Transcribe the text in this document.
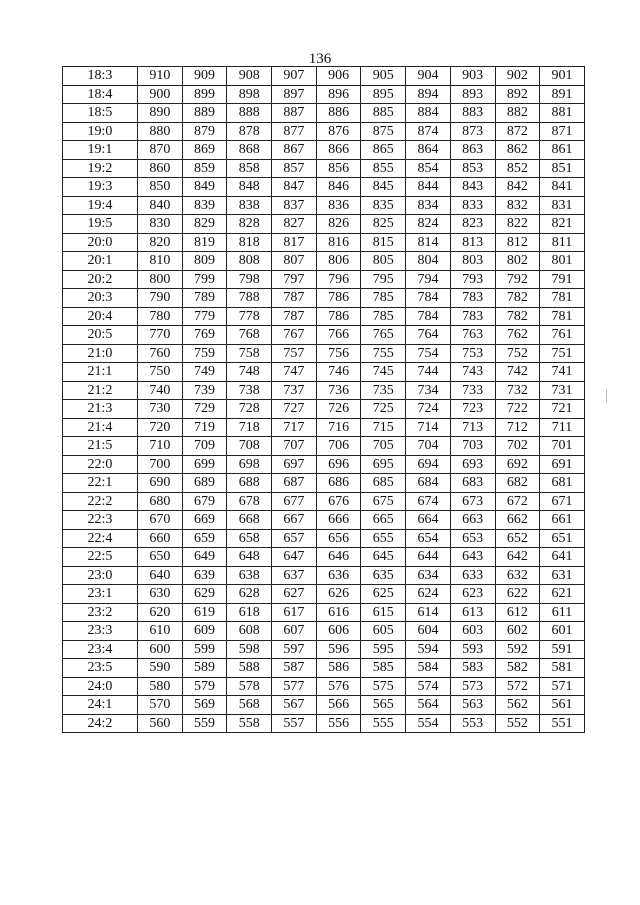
136
18:3	910	909	908	907	906	905	904	903	902	901
18:4	900	899	898	897	896	895	894	893	892	891
18:5	890	889	888	887	886	885	884	883	882	881
19:0	880	879	878	877	876	875	874	873	872	871
19:1	870	869	868	867	866	865	864	863	862	861
19:2	860	859	858	857	856	855	854	853	852	851
19:3	850	849	848	847	846	845	844	843	842	841
19:4	840	839	838	837	836	835	834	833	832	831
19:5	830	829	828	827	826	825	824	823	822	821
20:0	820	819	818	817	816	815	814	813	812	811
20:1	810	809	808	807	806	805	804	803	802	801
20:2	800	799	798	797	796	795	794	793	792	791
20:3	790	789	788	787	786	785	784	783	782	781
20:4	780	779	778	787	786	785	784	783	782	781
20:5	770	769	768	767	766	765	764	763	762	761
21:0	760	759	758	757	756	755	754	753	752	751
21:1	750	749	748	747	746	745	744	743	742	741
21:2	740	739	738	737	736	735	734	733	732	731
21:3	730	729	728	727	726	725	724	723	722	721
21:4	720	719	718	717	716	715	714	713	712	711
21:5	710	709	708	707	706	705	704	703	702	701
22:0	700	699	698	697	696	695	694	693	692	691
22:1	690	689	688	687	686	685	684	683	682	681
22:2	680	679	678	677	676	675	674	673	672	671
22:3	670	669	668	667	666	665	664	663	662	661
22:4	660	659	658	657	656	655	654	653	652	651
22:5	650	649	648	647	646	645	644	643	642	641
23:0	640	639	638	637	636	635	634	633	632	631
23:1	630	629	628	627	626	625	624	623	622	621
23:2	620	619	618	617	616	615	614	613	612	611
23:3	610	609	608	607	606	605	604	603	602	601
23:4	600	599	598	597	596	595	594	593	592	591
23:5	590	589	588	587	586	585	584	583	582	581
24:0	580	579	578	577	576	575	574	573	572	571
24:1	570	569	568	567	566	565	564	563	562	561
24:2	560	559	558	557	556	555	554	553	552	551
